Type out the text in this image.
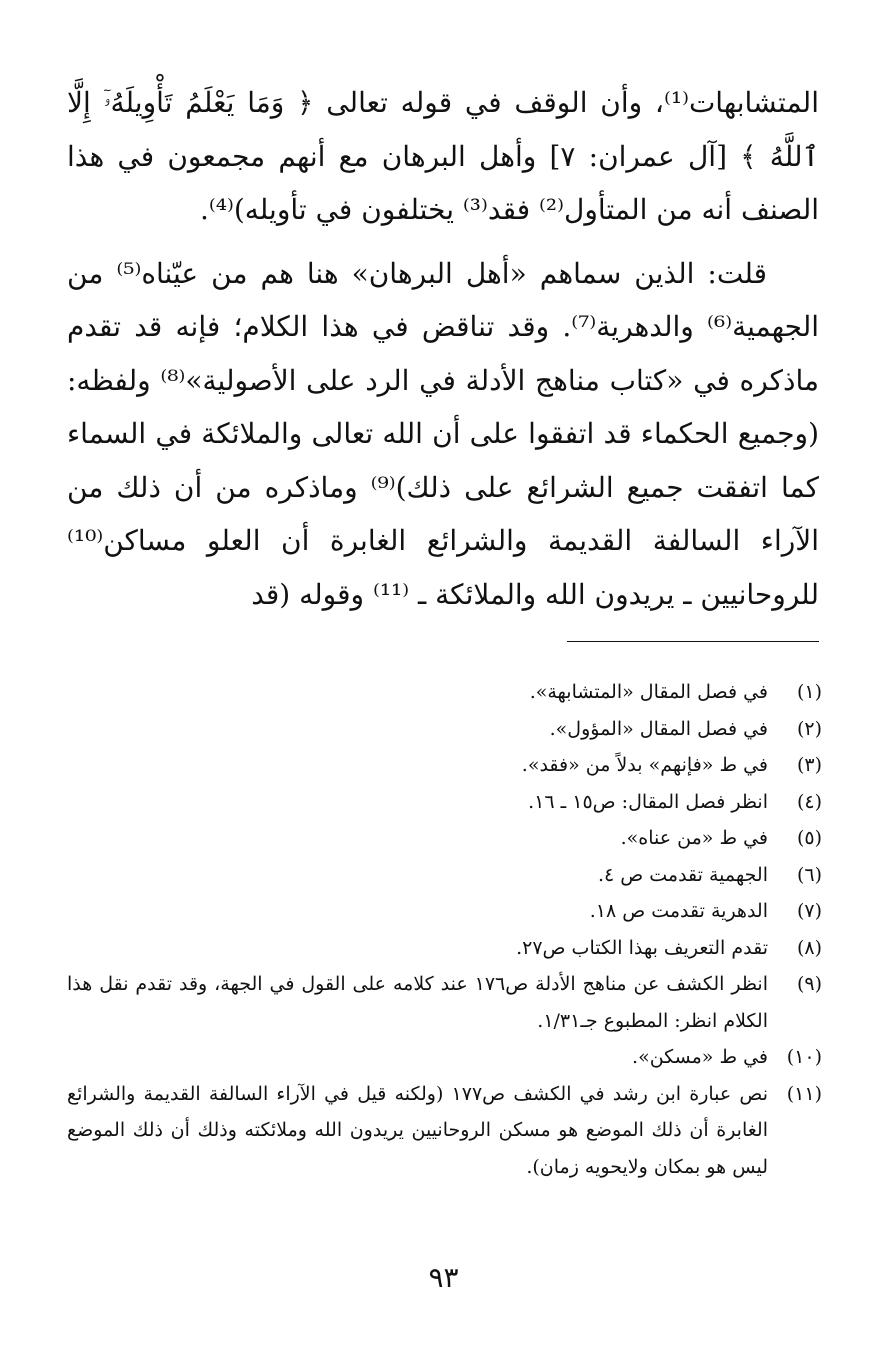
المتشابهات⁽¹⁾، وأن الوقف في قوله تعالى ﴿ وَمَا يَعْلَمُ تَأْوِيلَهُۥٓ إِلَّا ٱللَّهُ ﴾ [آل عمران: ٧] وأهل البرهان مع أنهم مجمعون في هذا الصنف أنه من المتأول⁽²⁾ فقد⁽³⁾ يختلفون في تأويله)⁽⁴⁾.

قلت: الذين سماهم «أهل البرهان» هنا هم من عيّناه⁽⁵⁾ من الجهمية⁽⁶⁾ والدهرية⁽⁷⁾. وقد تناقض في هذا الكلام؛ فإنه قد تقدم ماذكره في «كتاب مناهج الأدلة في الرد على الأصولية»⁽⁸⁾ ولفظه: (وجميع الحكماء قد اتفقوا على أن الله تعالى والملائكة في السماء كما اتفقت جميع الشرائع على ذلك)⁽⁹⁾ وماذكره من أن ذلك من الآراء السالفة القديمة والشرائع الغابرة أن العلو مساكن⁽¹⁰⁾ للروحانيين ـ يريدون الله والملائكة ـ ⁽¹¹⁾ وقوله (قد

(١)
في فصل المقال «المتشابهة».
(٢)
في فصل المقال «المؤول».
(٣)
في ط «فإنهم» بدلاً من «فقد».
(٤)
انظر فصل المقال: ص١٥ ـ ١٦.
(٥)
في ط «من عناه».
(٦)
الجهمية تقدمت ص ٤.
(٧)
الدهرية تقدمت ص ١٨.
(٨)
تقدم التعريف بهذا الكتاب ص٢٧.
(٩)
انظر الكشف عن مناهج الأدلة ص١٧٦ عند كلامه على القول في الجهة، وقد تقدم نقل هذا الكلام انظر: المطبوع جـ١/٣١.
(١٠)
في ط «مسكن».
(١١)
نص عبارة ابن رشد في الكشف ص١٧٧ (ولكنه قيل في الآراء السالفة القديمة والشرائع الغابرة أن ذلك الموضع هو مسكن الروحانيين يريدون الله وملائكته وذلك أن ذلك الموضع ليس هو بمكان ولايحويه زمان).
٩٣
